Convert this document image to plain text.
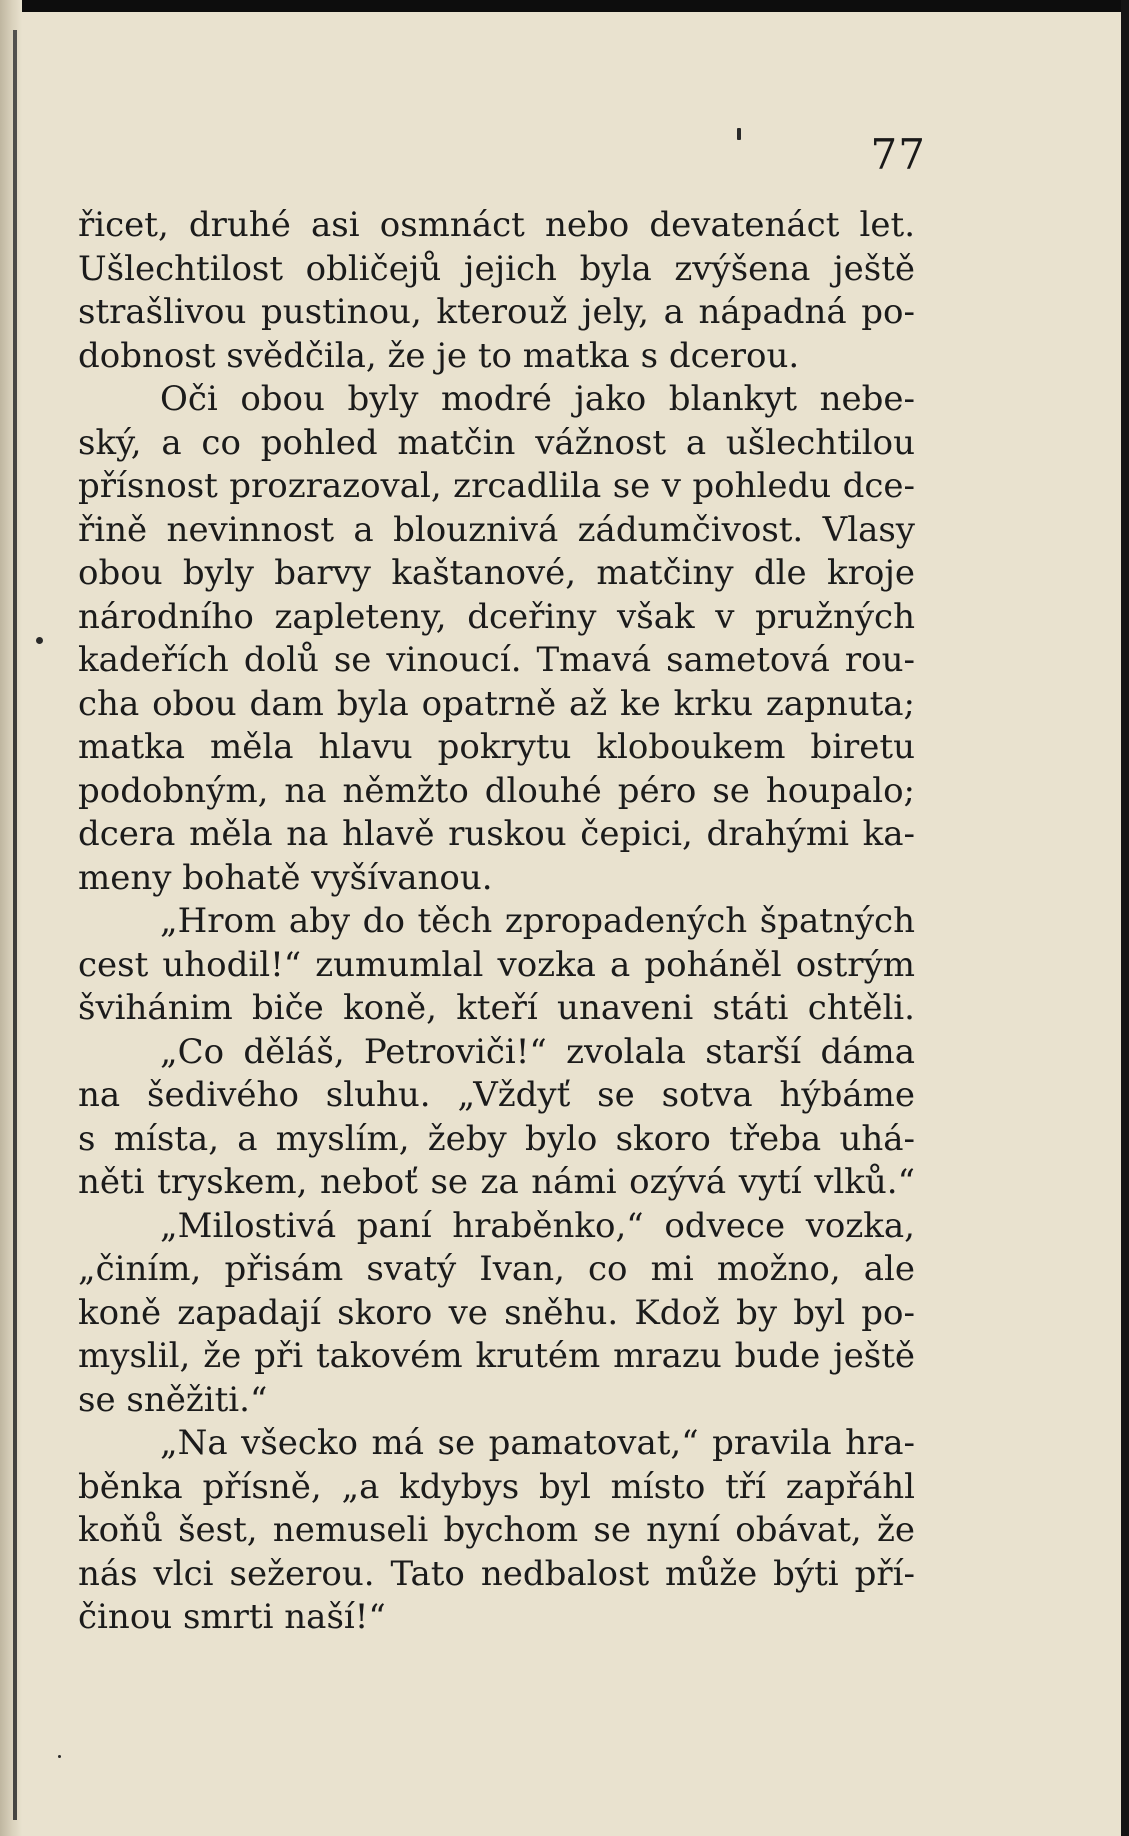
77
řicet, druhé asi osmnáct nebo devatenáct let.
Ušlechtilost obličejů jejich byla zvýšena ještě
strašlivou pustinou, kterouž jely, a nápadná po-
dobnost svědčila, že je to matka s dcerou.
Oči obou byly modré jako blankyt nebe-
ský, a co pohled matčin vážnost a ušlechtilou
přísnost prozrazoval, zrcadlila se v pohledu dce-
řině nevinnost a blouznivá zádumčivost. Vlasy
obou byly barvy kaštanové, matčiny dle kroje
národního zapleteny, dceřiny však v pružných
kadeřích dolů se vinoucí. Tmavá sametová rou-
cha obou dam byla opatrně až ke krku zapnuta;
matka měla hlavu pokrytu kloboukem biretu
podobným, na němžto dlouhé péro se houpalo;
dcera měla na hlavě ruskou čepici, drahými ka-
meny bohatě vyšívanou.
„Hrom aby do těch zpropadených špatných
cest uhodil!“ zumumlal vozka a poháněl ostrým
švihánim biče koně, kteří unaveni státi chtěli.
„Co děláš, Petroviči!“ zvolala starší dáma
na šedivého sluhu. „Vždyť se sotva hýbáme
s místa, a myslím, žeby bylo skoro třeba uhá-
něti tryskem, neboť se za námi ozývá vytí vlků.“
„Milostivá paní hraběnko,“ odvece vozka,
„činím, přisám svatý Ivan, co mi možno, ale
koně zapadají skoro ve sněhu. Kdož by byl po-
myslil, že při takovém krutém mrazu bude ještě
se sněžiti.“
„Na všecko má se pamatovat,“ pravila hra-
běnka přísně, „a kdybys byl místo tří zapřáhl
koňů šest, nemuseli bychom se nyní obávat, že
nás vlci sežerou. Tato nedbalost může býti pří-
činou smrti naší!“
